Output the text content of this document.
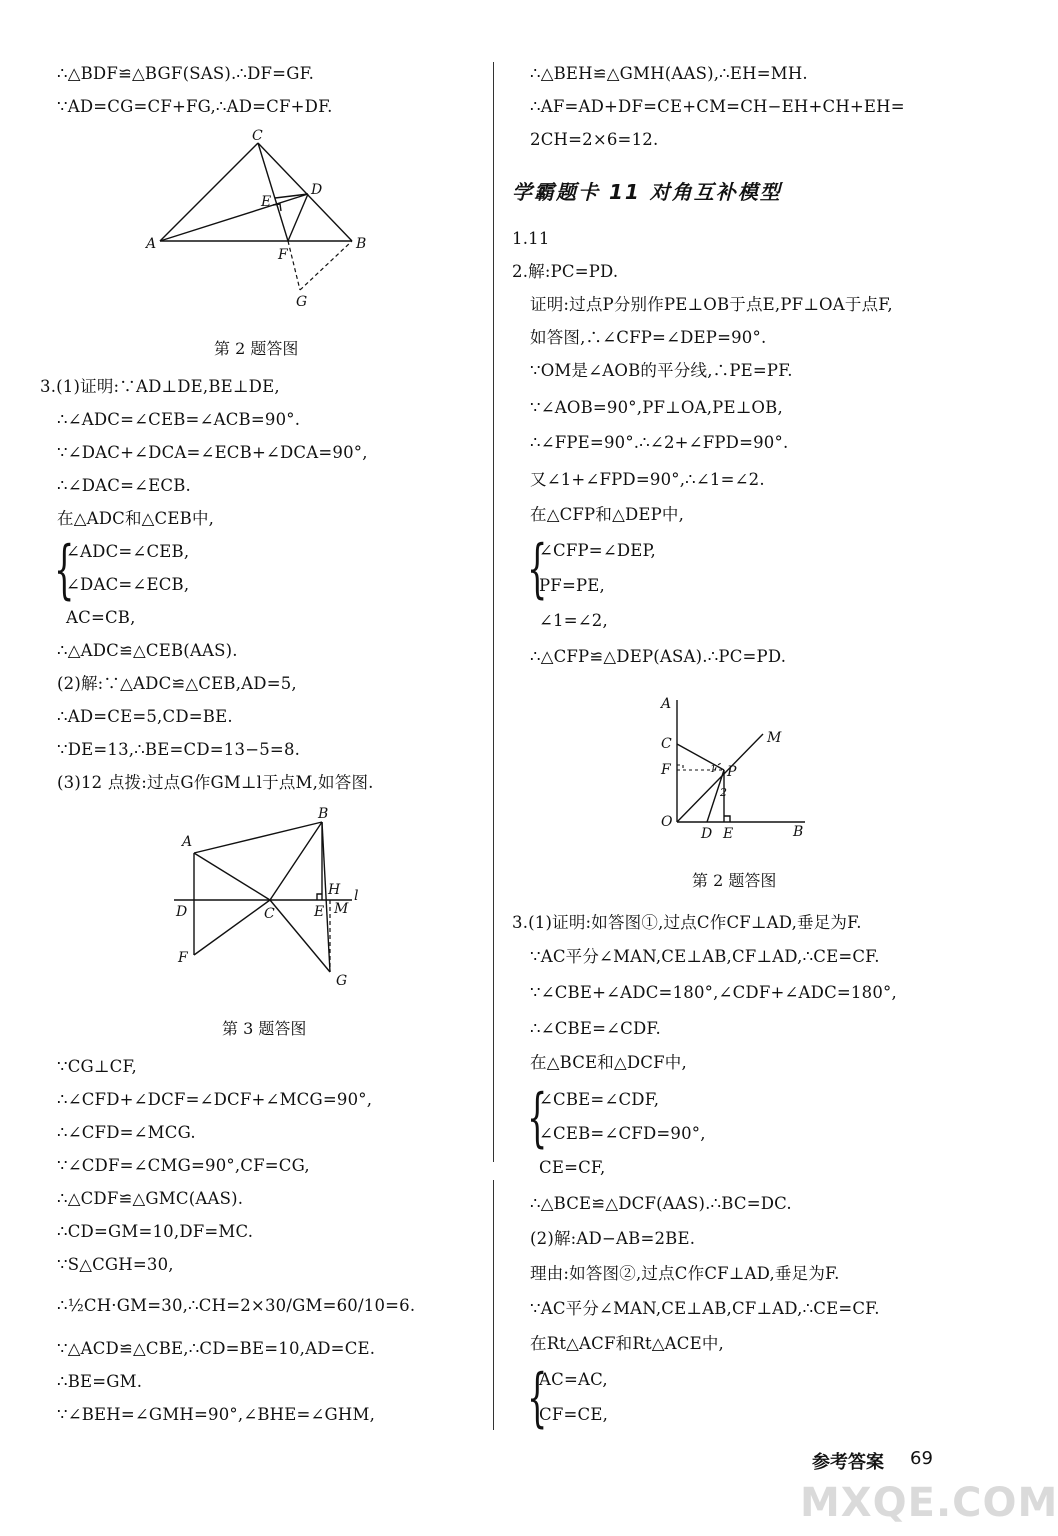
∴△BDF≌△BGF(SAS).∴DF=GF.
∵AD=CG=CF+FG,∴AD=CF+DF.
C
D
E
A
F
B
G
第 2 题答图
3.(1)证明:∵AD⊥DE,BE⊥DE,
∴∠ADC=∠CEB=∠ACB=90°.
∵∠DAC+∠DCA=∠ECB+∠DCA=90°,
∴∠DAC=∠ECB.
在△ADC和△CEB中,
{
∠ADC=∠CEB,
∠DAC=∠ECB,
AC=CB,
∴△ADC≌△CEB(AAS).
(2)解:∵△ADC≌△CEB,AD=5,
∴AD=CE=5,CD=BE.
∵DE=13,∴BE=CD=13−5=8.
(3)12 点拨:过点G作GM⊥l于点M,如答图.
A
B
H l
D	C	E M
F
G
第 3 题答图
∵CG⊥CF,
∴∠CFD+∠DCF=∠DCF+∠MCG=90°,
∴∠CFD=∠MCG.
∵∠CDF=∠CMG=90°,CF=CG,
∴△CDF≌△GMC(AAS).
∴CD=GM=10,DF=MC.
∵S△CGH=30,
∴½CH·GM=30,∴CH=2×30/GM=60/10=6.
∵△ACD≌△CBE,∴CD=BE=10,AD=CE.
∴BE=GM.
∵∠BEH=∠GMH=90°,∠BHE=∠GHM,
∴△BEH≌△GMH(AAS),∴EH=MH.
∴AF=AD+DF=CE+CM=CH−EH+CH+EH=
2CH=2×6=12.
学霸题卡 11 对角互补模型
1.11
2.解:PC=PD.
证明:过点P分别作PE⊥OB于点E,PF⊥OA于点F,
如答图,∴∠CFP=∠DEP=90°.
∵OM是∠AOB的平分线,∴PE=PF.
∵∠AOB=90°,PF⊥OA,PE⊥OB,
∴∠FPE=90°.∴∠2+∠FPD=90°.
又∠1+∠FPD=90°,∴∠1=∠2.
在△CFP和△DEP中,
{
∠CFP=∠DEP,
PF=PE,
∠1=∠2,
∴△CFP≌△DEP(ASA).∴PC=PD.
A
M
C
F	P
1
2
O
D E	B
第 2 题答图
3.(1)证明:如答图①,过点C作CF⊥AD,垂足为F.
∵AC平分∠MAN,CE⊥AB,CF⊥AD,∴CE=CF.
∵∠CBE+∠ADC=180°,∠CDF+∠ADC=180°,
∴∠CBE=∠CDF.
在△BCE和△DCF中,
{
∠CBE=∠CDF,
∠CEB=∠CFD=90°,
CE=CF,
∴△BCE≌△DCF(AAS).∴BC=DC.
(2)解:AD−AB=2BE.
理由:如答图②,过点C作CF⊥AD,垂足为F.
∵AC平分∠MAN,CE⊥AB,CF⊥AD,∴CE=CF.
在Rt△ACF和Rt△ACE中,
{
AC=AC,
CF=CE,
参考答案 69
MXQE.COM
